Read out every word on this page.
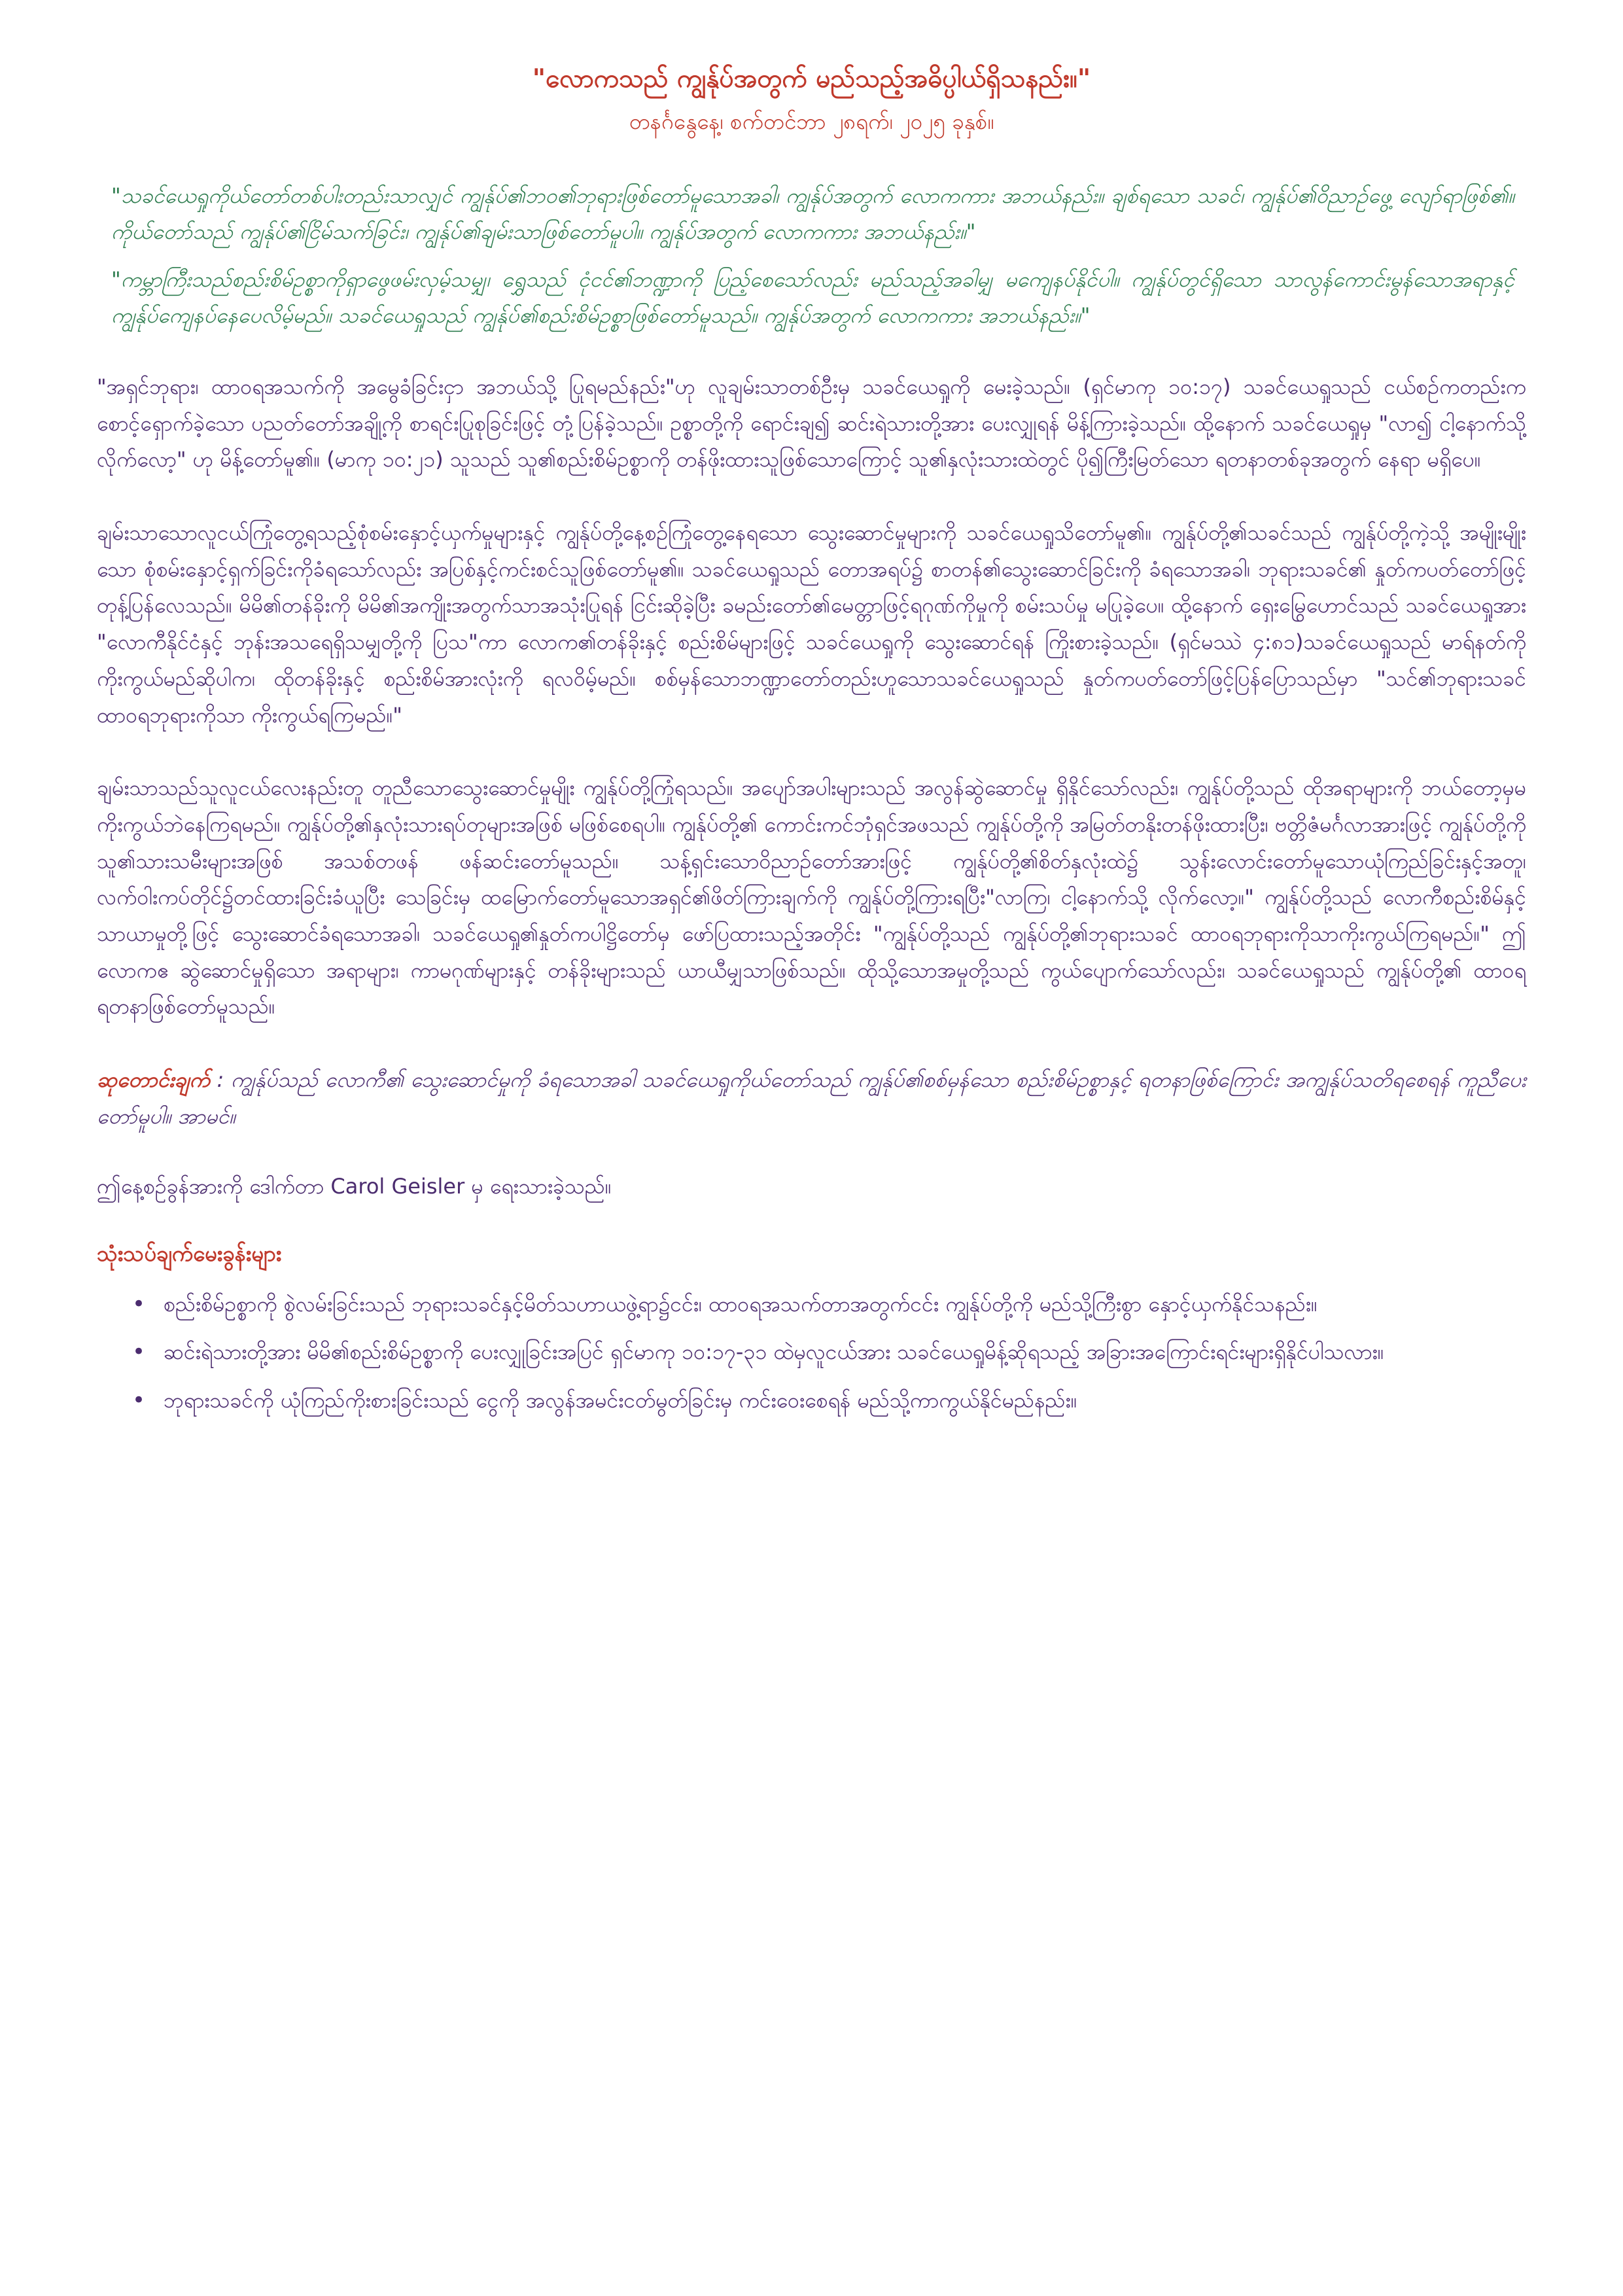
"လောကသည် ကျွန်ုပ်အတွက် မည်သည့်အဓိပ္ပါယ်ရှိသနည်း။"
တနင်္ဂနွေနေ့၊ စက်တင်ဘာ ၂၈ရက်၊ ၂၀၂၅ ခုနှစ်။

"သခင်ယေရှုကိုယ်တော်တစ်ပါးတည်းသာလျှင် ကျွန်ုပ်၏ဘဝ၏ဘုရားဖြစ်တော်မူသောအခါ၊ ကျွန်ုပ်အတွက် လောကကား အဘယ်နည်း။ ချစ်ရသော သခင်၊ ကျွန်ုပ်၏ဝိညာဉ်ဖွေ့ လျော်ရာဖြစ်၏။ ကိုယ်တော်သည် ကျွန်ုပ်၏ငြိမ်သက်ခြင်း၊ ကျွန်ုပ်၏ချမ်းသာဖြစ်တော်မူပါ။ ကျွန်ုပ်အတွက် လောကကား အဘယ်နည်း။"

"ကမ္ဘာကြီးသည်စည်းစိမ်ဥစ္စာကိုရှာဖွေဖမ်းလှမ့်သမျှ၊ ရွှေသည် ငုံငင်၏ဘဏ္ဍာကို ပြည့်စေသော်လည်း မည်သည့်အခါမျှ မကျေနပ်နိုင်ပါ။ ကျွန်ုပ်တွင်ရှိသော သာလွန်ကောင်းမွန်သောအရာနှင့် ကျွန်ုပ်ကျေနပ်နေပေလိမ့်မည်။ သခင်ယေရှုသည် ကျွန်ုပ်၏စည်းစိမ်ဥစ္စာဖြစ်တော်မူသည်။ ကျွန်ုပ်အတွက် လောကကား အဘယ်နည်း။"

"အရှင်ဘုရား၊ ထာဝရအသက်ကို အမွေခံခြင်းငှာ အဘယ်သို့ ပြုရမည်နည်း"ဟု လူချမ်းသာတစ်ဦးမှ သခင်ယေရှုကို မေးခဲ့သည်။ (ရှင်မာကု ၁၀:၁၇) သခင်ယေရှုသည် ငယ်စဉ်ကတည်းက စောင့်ရှောက်ခဲ့သော ပညတ်တော်အချို့ကို စာရင်းပြုစုခြင်းဖြင့် တုံ့ပြန်ခဲ့သည်။ ဥစ္စာတို့ကို ရောင်းချ၍ ဆင်းရဲသားတို့အား ပေးလျှုရန် မိန့်ကြားခဲ့သည်။ ထို့နောက် သခင်ယေရှုမှ "လာ၍ ငါ့နောက်သို့ လိုက်လော့" ဟု မိန့်တော်မူ၏။ (မာကု ၁၀:၂၁) သူသည် သူ၏စည်းစိမ်ဥစ္စာကို တန်ဖိုးထားသူဖြစ်သောကြောင့် သူ၏နှလုံးသားထဲတွင် ပို၍ကြီးမြတ်သော ရတနာတစ်ခုအတွက် နေရာ မရှိပေ။

ချမ်းသာသောလူငယ်ကြုံတွေ့ရသည့်စုံစမ်းနှောင့်ယှက်မှုများနှင့် ကျွန်ုပ်တို့နေ့စဉ်ကြုံတွေ့နေရသော သွေးဆောင်မှုများကို သခင်ယေရှုသိတော်မူ၏။ ကျွန်ုပ်တို့၏သခင်သည် ကျွန်ုပ်တို့ကဲ့သို့ အမျိုးမျိုးသော စုံစမ်းနှောင့်ရှက်ခြင်းကိုခံရသော်လည်း အပြစ်နှင့်ကင်းစင်သူဖြစ်တော်မူ၏။ သခင်ယေရှုသည် တောအရပ်၌ စာတန်၏သွေးဆောင်ခြင်းကို ခံရသောအခါ၊ ဘုရားသခင်၏ နှုတ်ကပတ်တော်ဖြင့် တုန့်ပြန်လေသည်။ မိမိ၏တန်ခိုးကို မိမိ၏အကျိုးအတွက်သာအသုံးပြုရန် ငြင်းဆိုခဲ့ပြီး ခမည်းတော်၏မေတ္တာဖြင့်ရဂုဏ်ကိုမှုကို စမ်းသပ်မှု မပြုခဲ့ပေ။ ထို့နောက် ရှေးမြွေဟောင်သည် သခင်ယေရှုအား "လောကီနိုင်ငံနှင့် ဘုန်းအသရေရှိသမျှတို့ကို ပြသ"ကာ လောက၏တန်ခိုးနှင့် စည်းစိမ်များဖြင့် သခင်ယေရှုကို သွေးဆောင်ရန် ကြိုးစားခဲ့သည်။ (ရှင်မဿဲ ၄:၈၁)သခင်ယေရှုသည် မာရ်နတ်ကို ကိုးကွယ်မည်ဆိုပါက၊ ထိုတန်ခိုးနှင့် စည်းစိမ်အားလုံးကို ရလဝိမ့်မည်။ စစ်မှန်သောဘဏ္ဍာတော်တည်းဟူသောသခင်ယေရှုသည် နှုတ်ကပတ်တော်ဖြင့်ပြန်ပြောသည်မှာ "သင်၏ဘုရားသခင်ထာဝရဘုရားကိုသာ ကိုးကွယ်ရကြမည်။"

ချမ်းသာသည်သူလူငယ်လေးနည်းတူ တူညီသောသွေးဆောင်မှုမျိုး ကျွန်ုပ်တို့ကြုံရသည်။ အပျော်အပါးများသည် အလွန်ဆွဲဆောင်မှု ရှိနိုင်သော်လည်း၊ ကျွန်ုပ်တို့သည် ထိုအရာများကို ဘယ်တော့မှမကိုးကွယ်ဘဲနေကြရမည်။ ကျွန်ုပ်တို့၏နှလုံးသားရပ်တုများအဖြစ် မဖြစ်စေရပါ။ ကျွန်ုပ်တို့၏ ကောင်းကင်ဘုံရှင်အဖသည် ကျွန်ုပ်တို့ကို အမြတ်တနိုးတန်ဖိုးထားပြီး၊ ဗတ္တိဇံမင်္ဂလာအားဖြင့် ကျွန်ုပ်တို့ကို သူ၏သားသမီးများအဖြစ် အသစ်တဖန် ဖန်ဆင်းတော်မူသည်။ သန့်ရှင်းသောဝိညာဉ်တော်အားဖြင့် ကျွန်ုပ်တို့၏စိတ်နှလုံးထဲ၌ သွန်းလောင်းတော်မူသောယုံကြည်ခြင်းနှင့်အတူ၊ လက်ဝါးကပ်တိုင်၌တင်ထားခြင်းခံယူပြီး သေခြင်းမှ ထမြောက်တော်မူသောအရှင်၏ဖိတ်ကြားချက်ကို ကျွန်ုပ်တို့ကြားရပြီး"လာကြ၊ ငါ့နောက်သို့ လိုက်လော့။" ကျွန်ုပ်တို့သည် လောကီစည်းစိမ်နှင့် သာယာမှုတို့ဖြင့် သွေးဆောင်ခံရသောအခါ၊ သခင်ယေရှု၏နှုတ်ကပါဋ္ဌိတော်မှ ဖော်ပြထားသည့်အတိုင်း "ကျွန်ုပ်တို့သည် ကျွန်ုပ်တို့၏ဘုရားသခင် ထာဝရဘုရားကိုသာကိုးကွယ်ကြရမည်။" ဤလောကဧ ဆွဲဆောင်မှုရှိသော အရာများ၊ ကာမဂုဏ်များနှင့် တန်ခိုးများသည် ယာယီမျှသာဖြစ်သည်။ ထိုသို့သောအမှုတို့သည် ကွယ်ပျောက်သော်လည်း၊ သခင်ယေရှုသည် ကျွန်ုပ်တို့၏ ထာဝရ ရတနာဖြစ်တော်မူသည်။

ဆုတောင်းချက် : ကျွန်ုပ်သည် လောကီ၏ သွေးဆောင်မှုကို ခံရသောအခါ သခင်ယေရှုကိုယ်တော်သည် ကျွန်ုပ်၏စစ်မှန်သော စည်းစိမ်ဥစ္စာနှင့် ရတနာဖြစ်ကြောင်း အကျွန်ုပ်သတိရစေရန် ကူညီပေးတော်မူပါ။ အာမင်။

ဤနေ့စဉ်ခွန်အားကို ဒေါက်တာ Carol Geisler မှ ရေးသားခဲ့သည်။

သုံးသပ်ချက်မေးခွန်းများ
• စည်းစိမ်ဥစ္စာကို စွဲလမ်းခြင်းသည် ဘုရားသခင်နှင့်မိတ်သဟာယဖွဲ့ရာ၌ငင်း၊ ထာဝရအသက်တာအတွက်ငင်း ကျွန်ုပ်တို့ကို မည်သို့ကြီးစွာ နှောင့်ယှက်နိုင်သနည်း။
• ဆင်းရဲသားတို့အား မိမိ၏စည်းစိမ်ဥစ္စာကို ပေးလျှုခြင်းအပြင် ရှင်မာကု ၁၀:၁၇-၃၁ ထဲမှလူငယ်အား သခင်ယေရှုမိန့်ဆိုရသည့် အခြားအကြောင်းရင်းများရှိနိုင်ပါသလား။
• ဘုရားသခင်ကို ယုံကြည်ကိုးစားခြင်းသည် ငွေကို အလွန်အမင်းငတ်မွတ်ခြင်းမှ ကင်းဝေးစေရန် မည်သို့ကာကွယ်နိုင်မည်နည်း။
